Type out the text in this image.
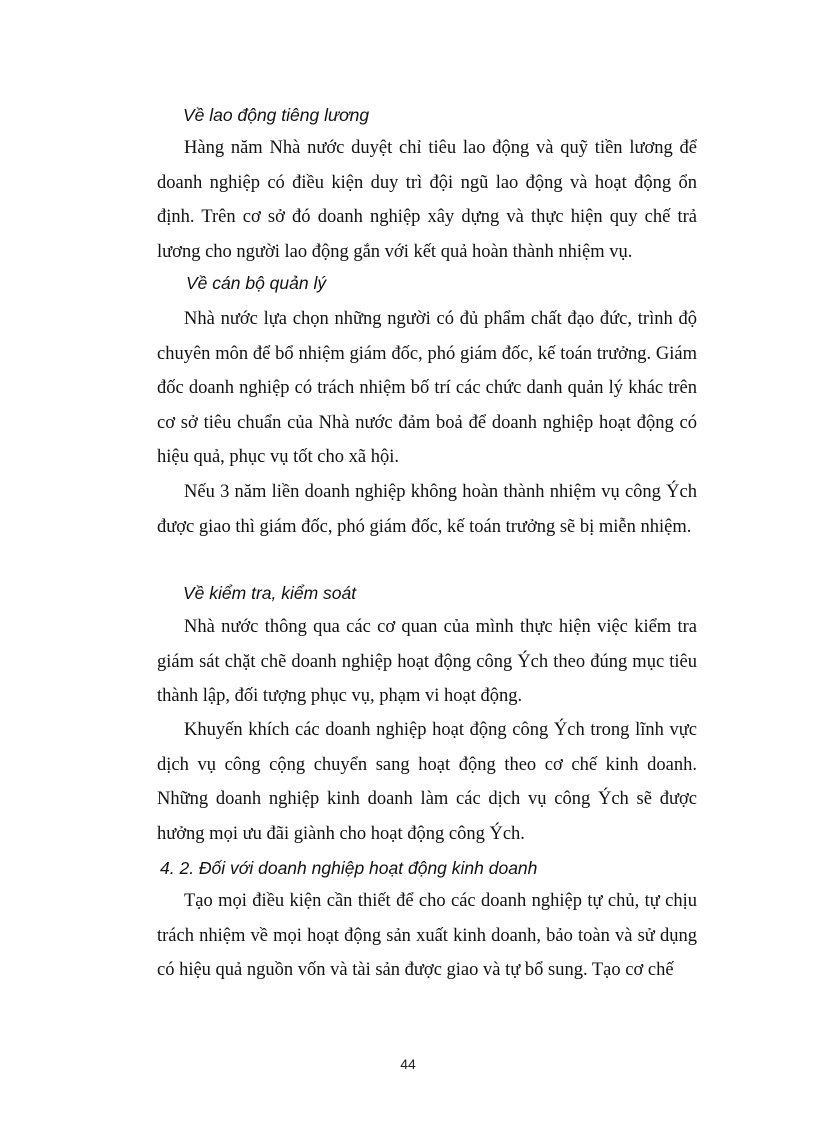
Về lao động tiêng lương
Hàng năm Nhà nước duyệt chỉ tiêu lao động và quỹ tiền lương để doanh nghiệp có điều kiện duy trì đội ngũ lao động và hoạt động ổn định. Trên cơ sở đó doanh nghiệp xây dựng và thực hiện quy chế trả lương cho người lao động gắn với kết quả hoàn thành nhiệm vụ.
Về cán bộ quản lý
Nhà nước lựa chọn những người có đủ phẩm chất đạo đức, trình độ chuyên môn để bổ nhiệm giám đốc, phó giám đốc, kế toán trưởng. Giám đốc doanh nghiệp có trách nhiệm bố trí các chức danh quản lý khác trên cơ sở tiêu chuẩn của Nhà nước đảm boả để doanh nghiệp hoạt động có hiệu quả, phục vụ tốt cho xã hội.
Nếu 3 năm liền doanh nghiệp không hoàn thành nhiệm vụ công Ých được giao thì giám đốc, phó giám đốc, kế toán trưởng sẽ bị miễn nhiệm.
Về kiểm tra, kiểm soát
Nhà nước thông qua các cơ quan của mình thực hiện việc kiểm tra giám sát chặt chẽ doanh nghiệp hoạt động công Ých theo đúng mục tiêu thành lập, đối tượng phục vụ, phạm vi hoạt động.
Khuyến khích các doanh nghiệp hoạt động công Ých trong lĩnh vực dịch vụ công cộng chuyển sang hoạt động theo cơ chế kinh doanh. Những doanh nghiệp kinh doanh làm các dịch vụ công Ých sẽ được hưởng mọi ưu đãi giành cho hoạt động công Ých.
4. 2. Đối với doanh nghiệp hoạt động kinh doanh
Tạo mọi điều kiện cần thiết để cho các doanh nghiệp tự chủ, tự chịu trách nhiệm về mọi hoạt động sản xuất kinh doanh, bảo toàn và sử dụng có hiệu quả nguồn vốn và tài sản được giao và tự bổ sung. Tạo cơ chế
44
